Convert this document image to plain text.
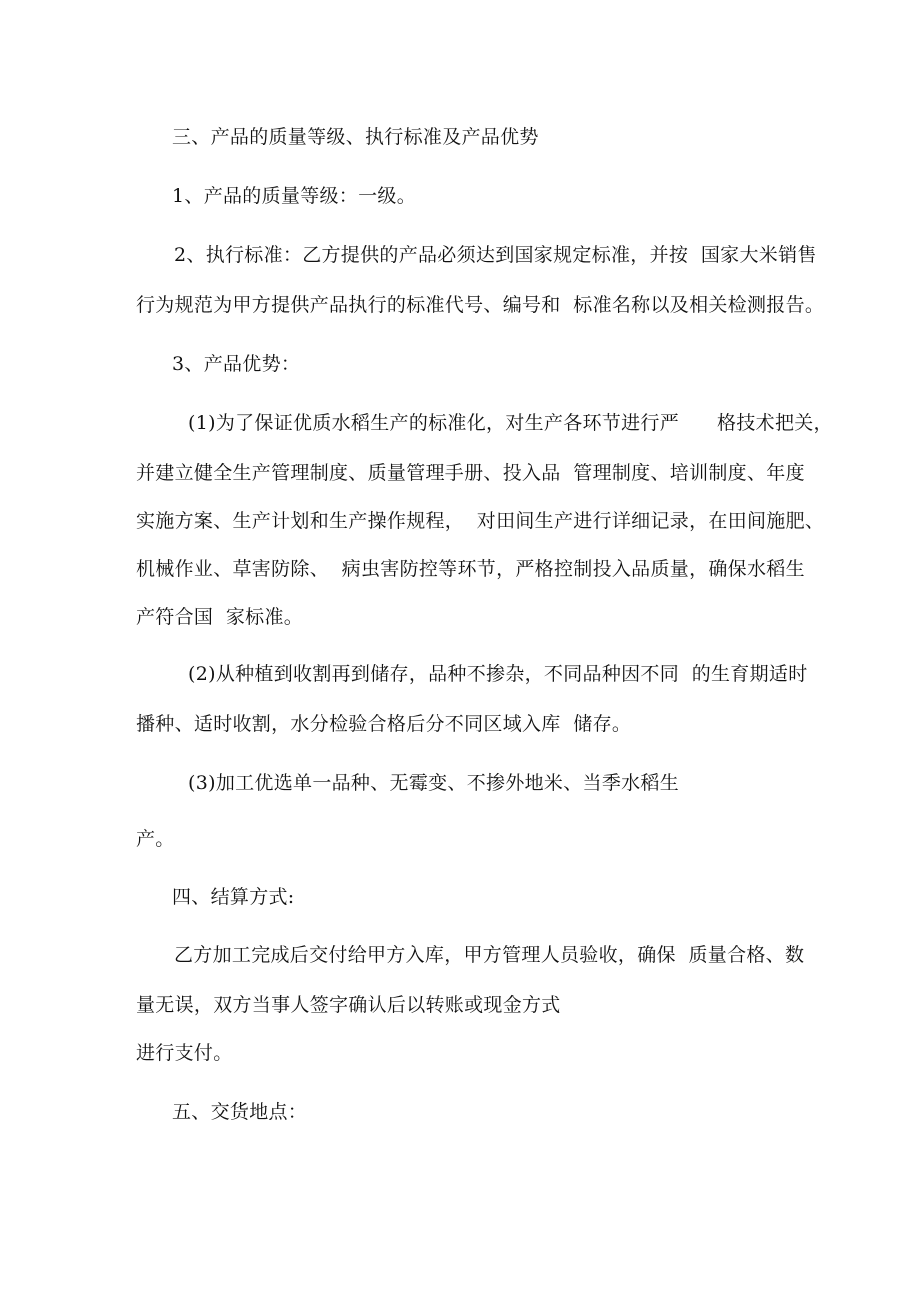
三、产品的质量等级、执行标准及产品优势

1、产品的质量等级：一级。

2、执行标准：乙方提供的产品必须达到国家规定标准，并按  国家大米销售

行为规范为甲方提供产品执行的标准代号、编号和  标准名称以及相关检测报告。

3、产品优势：

(1)为了保证优质水稻生产的标准化，对生产各环节进行严      格技术把关，

并建立健全生产管理制度、质量管理手册、投入品  管理制度、培训制度、年度

实施方案、生产计划和生产操作规程，  对田间生产进行详细记录，在田间施肥、

机械作业、草害防除、  病虫害防控等环节，严格控制投入品质量，确保水稻生

产符合国  家标准。

(2)从种植到收割再到储存，品种不掺杂，不同品种因不同  的生育期适时

播种、适时收割，水分检验合格后分不同区域入库  储存。

(3)加工优选单一品种、无霉变、不掺外地米、当季水稻生

产。

四、结算方式:

乙方加工完成后交付给甲方入库，甲方管理人员验收，确保  质量合格、数

量无误，双方当事人签字确认后以转账或现金方式

进行支付。

五、交货地点：
